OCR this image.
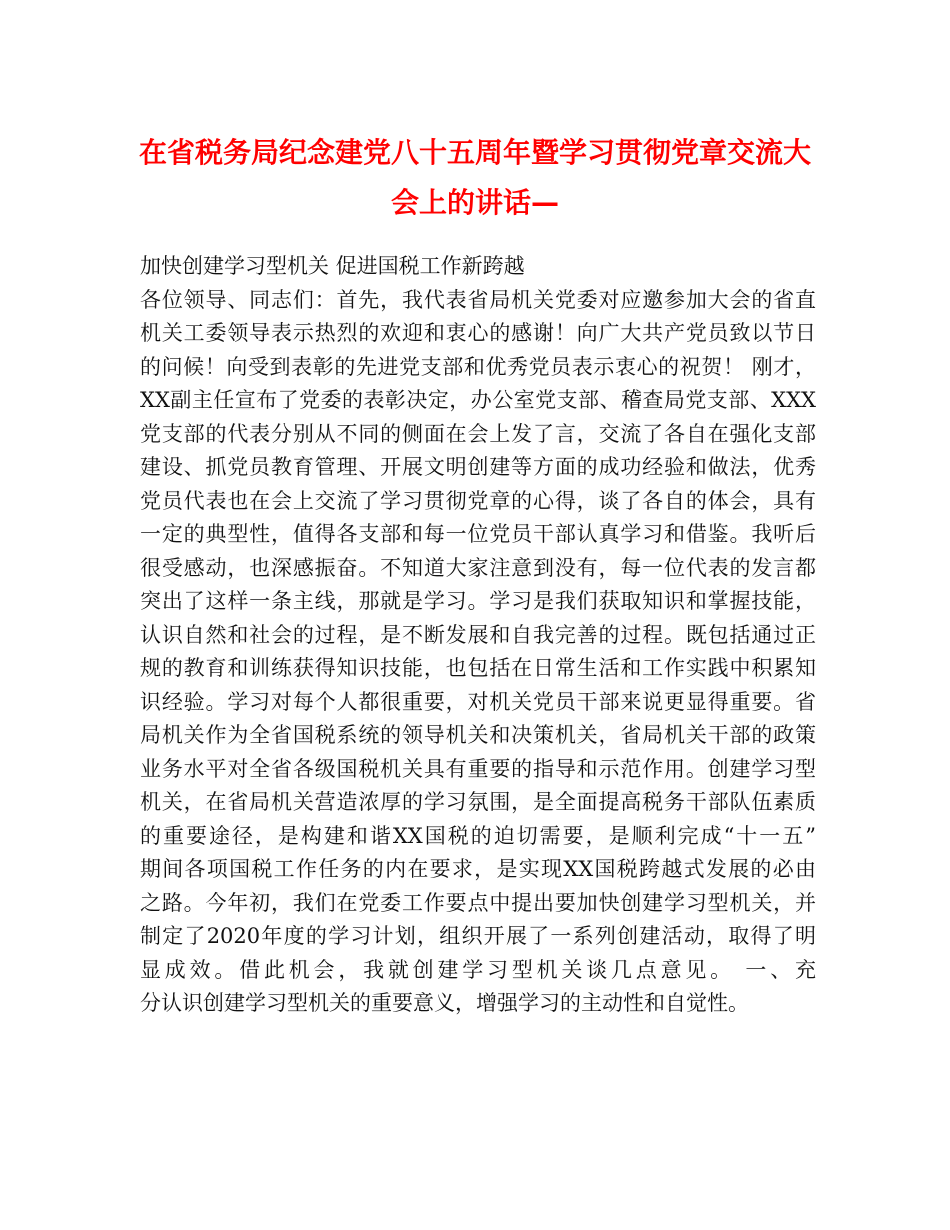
在省税务局纪念建党八十五周年暨学习贯彻党章交流大
会上的讲话—
加快创建学习型机关 促进国税工作新跨越
各位领导、同志们：首先，我代表省局机关党委对应邀参加大会的省直
机关工委领导表示热烈的欢迎和衷心的感谢！向广大共产党员致以节日
的问候！向受到表彰的先进党支部和优秀党员表示衷心的祝贺！ 刚才，
XX副主任宣布了党委的表彰决定，办公室党支部、稽查局党支部、XXX
党支部的代表分别从不同的侧面在会上发了言，交流了各自在强化支部
建设、抓党员教育管理、开展文明创建等方面的成功经验和做法，优秀
党员代表也在会上交流了学习贯彻党章的心得，谈了各自的体会，具有
一定的典型性，值得各支部和每一位党员干部认真学习和借鉴。我听后
很受感动，也深感振奋。不知道大家注意到没有，每一位代表的发言都
突出了这样一条主线，那就是学习。学习是我们获取知识和掌握技能，
认识自然和社会的过程，是不断发展和自我完善的过程。既包括通过正
规的教育和训练获得知识技能，也包括在日常生活和工作实践中积累知
识经验。学习对每个人都很重要，对机关党员干部来说更显得重要。省
局机关作为全省国税系统的领导机关和决策机关，省局机关干部的政策
业务水平对全省各级国税机关具有重要的指导和示范作用。创建学习型
机关，在省局机关营造浓厚的学习氛围，是全面提高税务干部队伍素质
的重要途径，是构建和谐XX国税的迫切需要，是顺利完成“十一五”
期间各项国税工作任务的内在要求，是实现XX国税跨越式发展的必由
之路。今年初，我们在党委工作要点中提出要加快创建学习型机关，并
制定了2020年度的学习计划，组织开展了一系列创建活动，取得了明
显成效。借此机会，我就创建学习型机关谈几点意见。 一、充
分认识创建学习型机关的重要意义，增强学习的主动性和自觉性。
